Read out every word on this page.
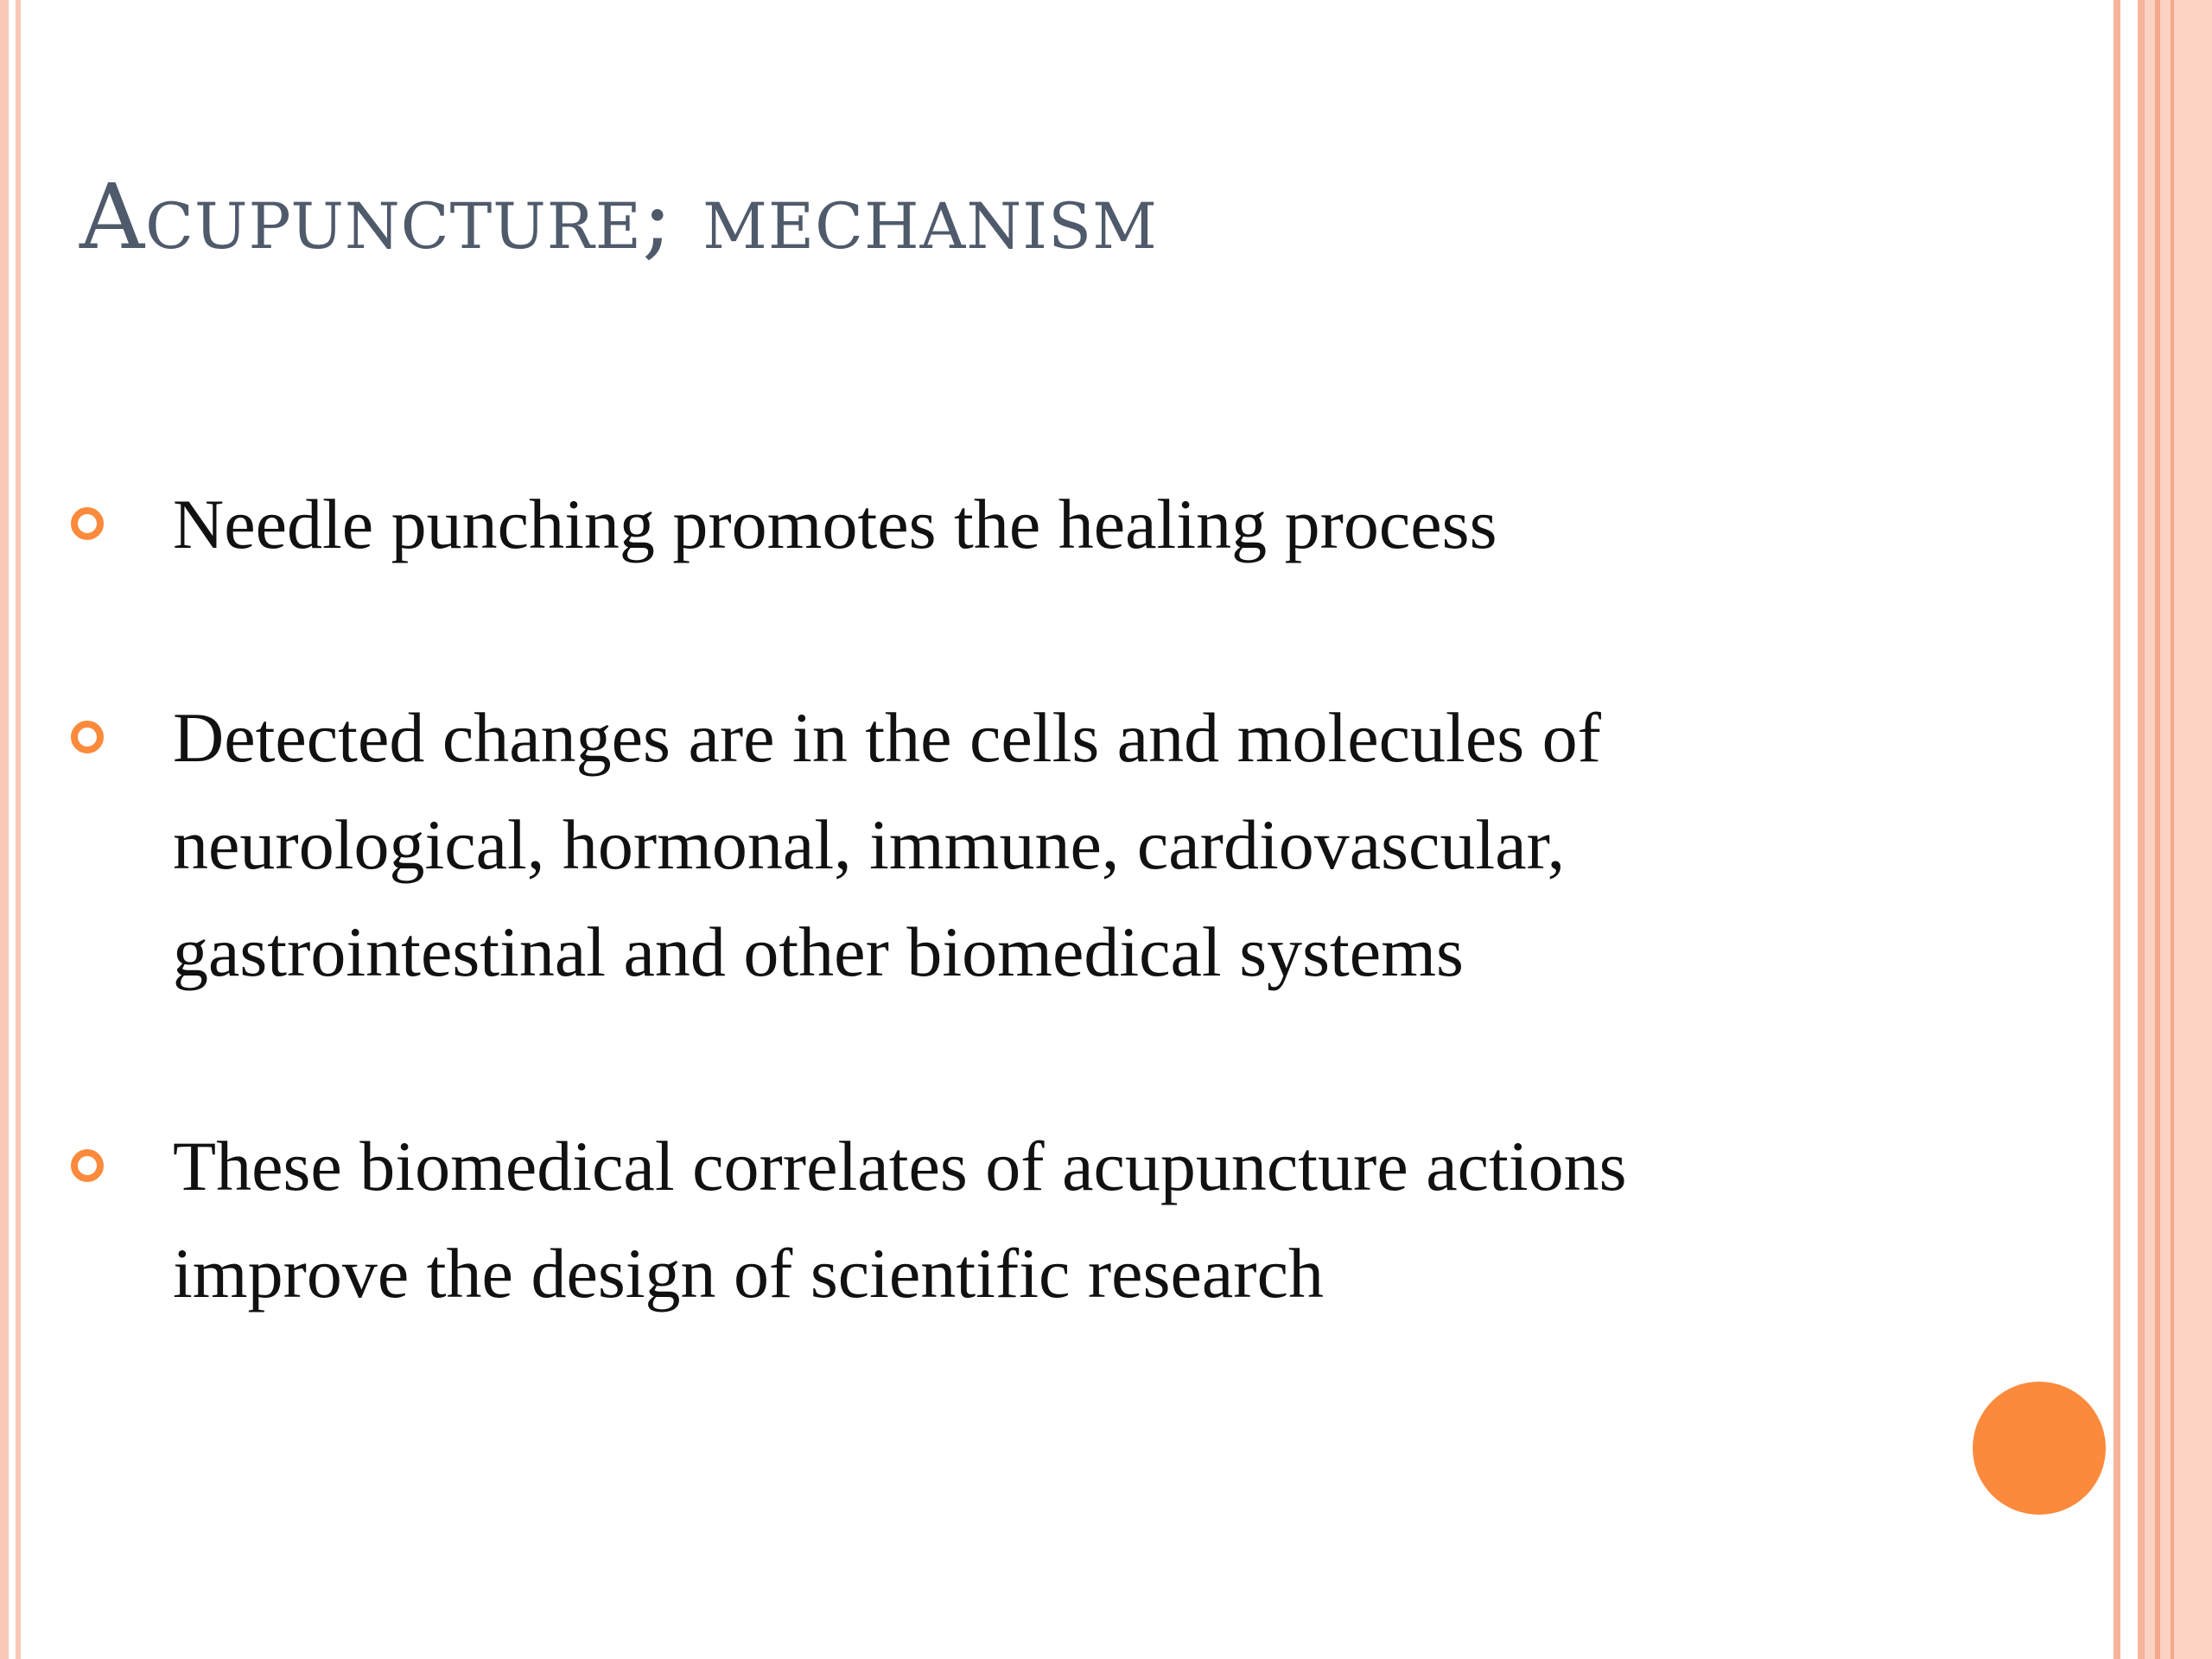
Acupuncture; mechanism

Needle punching promotes the healing process

Detected changes are in the cells and molecules of
neurological, hormonal, immune, cardiovascular,
gastrointestinal and other biomedical systems

These biomedical correlates of acupuncture actions
improve the design of scientific research
